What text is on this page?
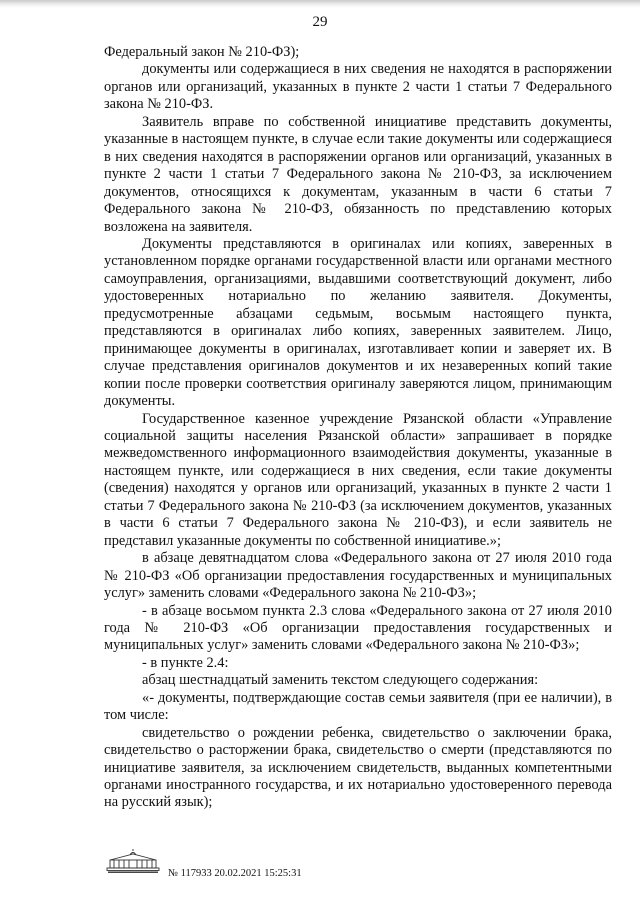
29

Федеральный закон № 210-ФЗ);

документы или содержащиеся в них сведения не находятся в распоряжении органов или организаций, указанных в пункте 2 части 1 статьи 7 Федерального закона № 210-ФЗ.

Заявитель вправе по собственной инициативе представить документы, указанные в настоящем пункте, в случае если такие документы или содержащиеся в них сведения находятся в распоряжении органов или организаций, указанных в пункте 2 части 1 статьи 7 Федерального закона № 210-ФЗ, за исключением документов, относящихся к документам, указанным в части 6 статьи 7 Федерального закона № 210-ФЗ, обязанность по представлению которых возложена на заявителя.

Документы представляются в оригиналах или копиях, заверенных в установленном порядке органами государственной власти или органами местного самоуправления, организациями, выдавшими соответствующий документ, либо удостоверенных нотариально по желанию заявителя. Документы, предусмотренные абзацами седьмым, восьмым настоящего пункта, представляются в оригиналах либо копиях, заверенных заявителем. Лицо, принимающее документы в оригиналах, изготавливает копии и заверяет их. В случае представления оригиналов документов и их незаверенных копий такие копии после проверки соответствия оригиналу заверяются лицом, принимающим документы.

Государственное казенное учреждение Рязанской области «Управление социальной защиты населения Рязанской области» запрашивает в порядке межведомственного информационного взаимодействия документы, указанные в настоящем пункте, или содержащиеся в них сведения, если такие документы (сведения) находятся у органов или организаций, указанных в пункте 2 части 1 статьи 7 Федерального закона № 210-ФЗ (за исключением документов, указанных в части 6 статьи 7 Федерального закона № 210-ФЗ), и если заявитель не представил указанные документы по собственной инициативе.»;

в абзаце девятнадцатом слова «Федерального закона от 27 июля 2010 года № 210-ФЗ «Об организации предоставления государственных и муниципальных услуг» заменить словами «Федерального закона № 210-ФЗ»;

- в абзаце восьмом пункта 2.3 слова «Федерального закона от 27 июля 2010 года № 210-ФЗ «Об организации предоставления государственных и муниципальных услуг» заменить словами «Федерального закона № 210-ФЗ»;

- в пункте 2.4:

абзац шестнадцатый заменить текстом следующего содержания:

«- документы, подтверждающие состав семьи заявителя (при ее наличии), в том числе:

свидетельство о рождении ребенка, свидетельство о заключении брака, свидетельство о расторжении брака, свидетельство о смерти (представляются по инициативе заявителя, за исключением свидетельств, выданных компетентными органами иностранного государства, и их нотариально удостоверенного перевода на русский язык);

№ 117933 20.02.2021 15:25:31
